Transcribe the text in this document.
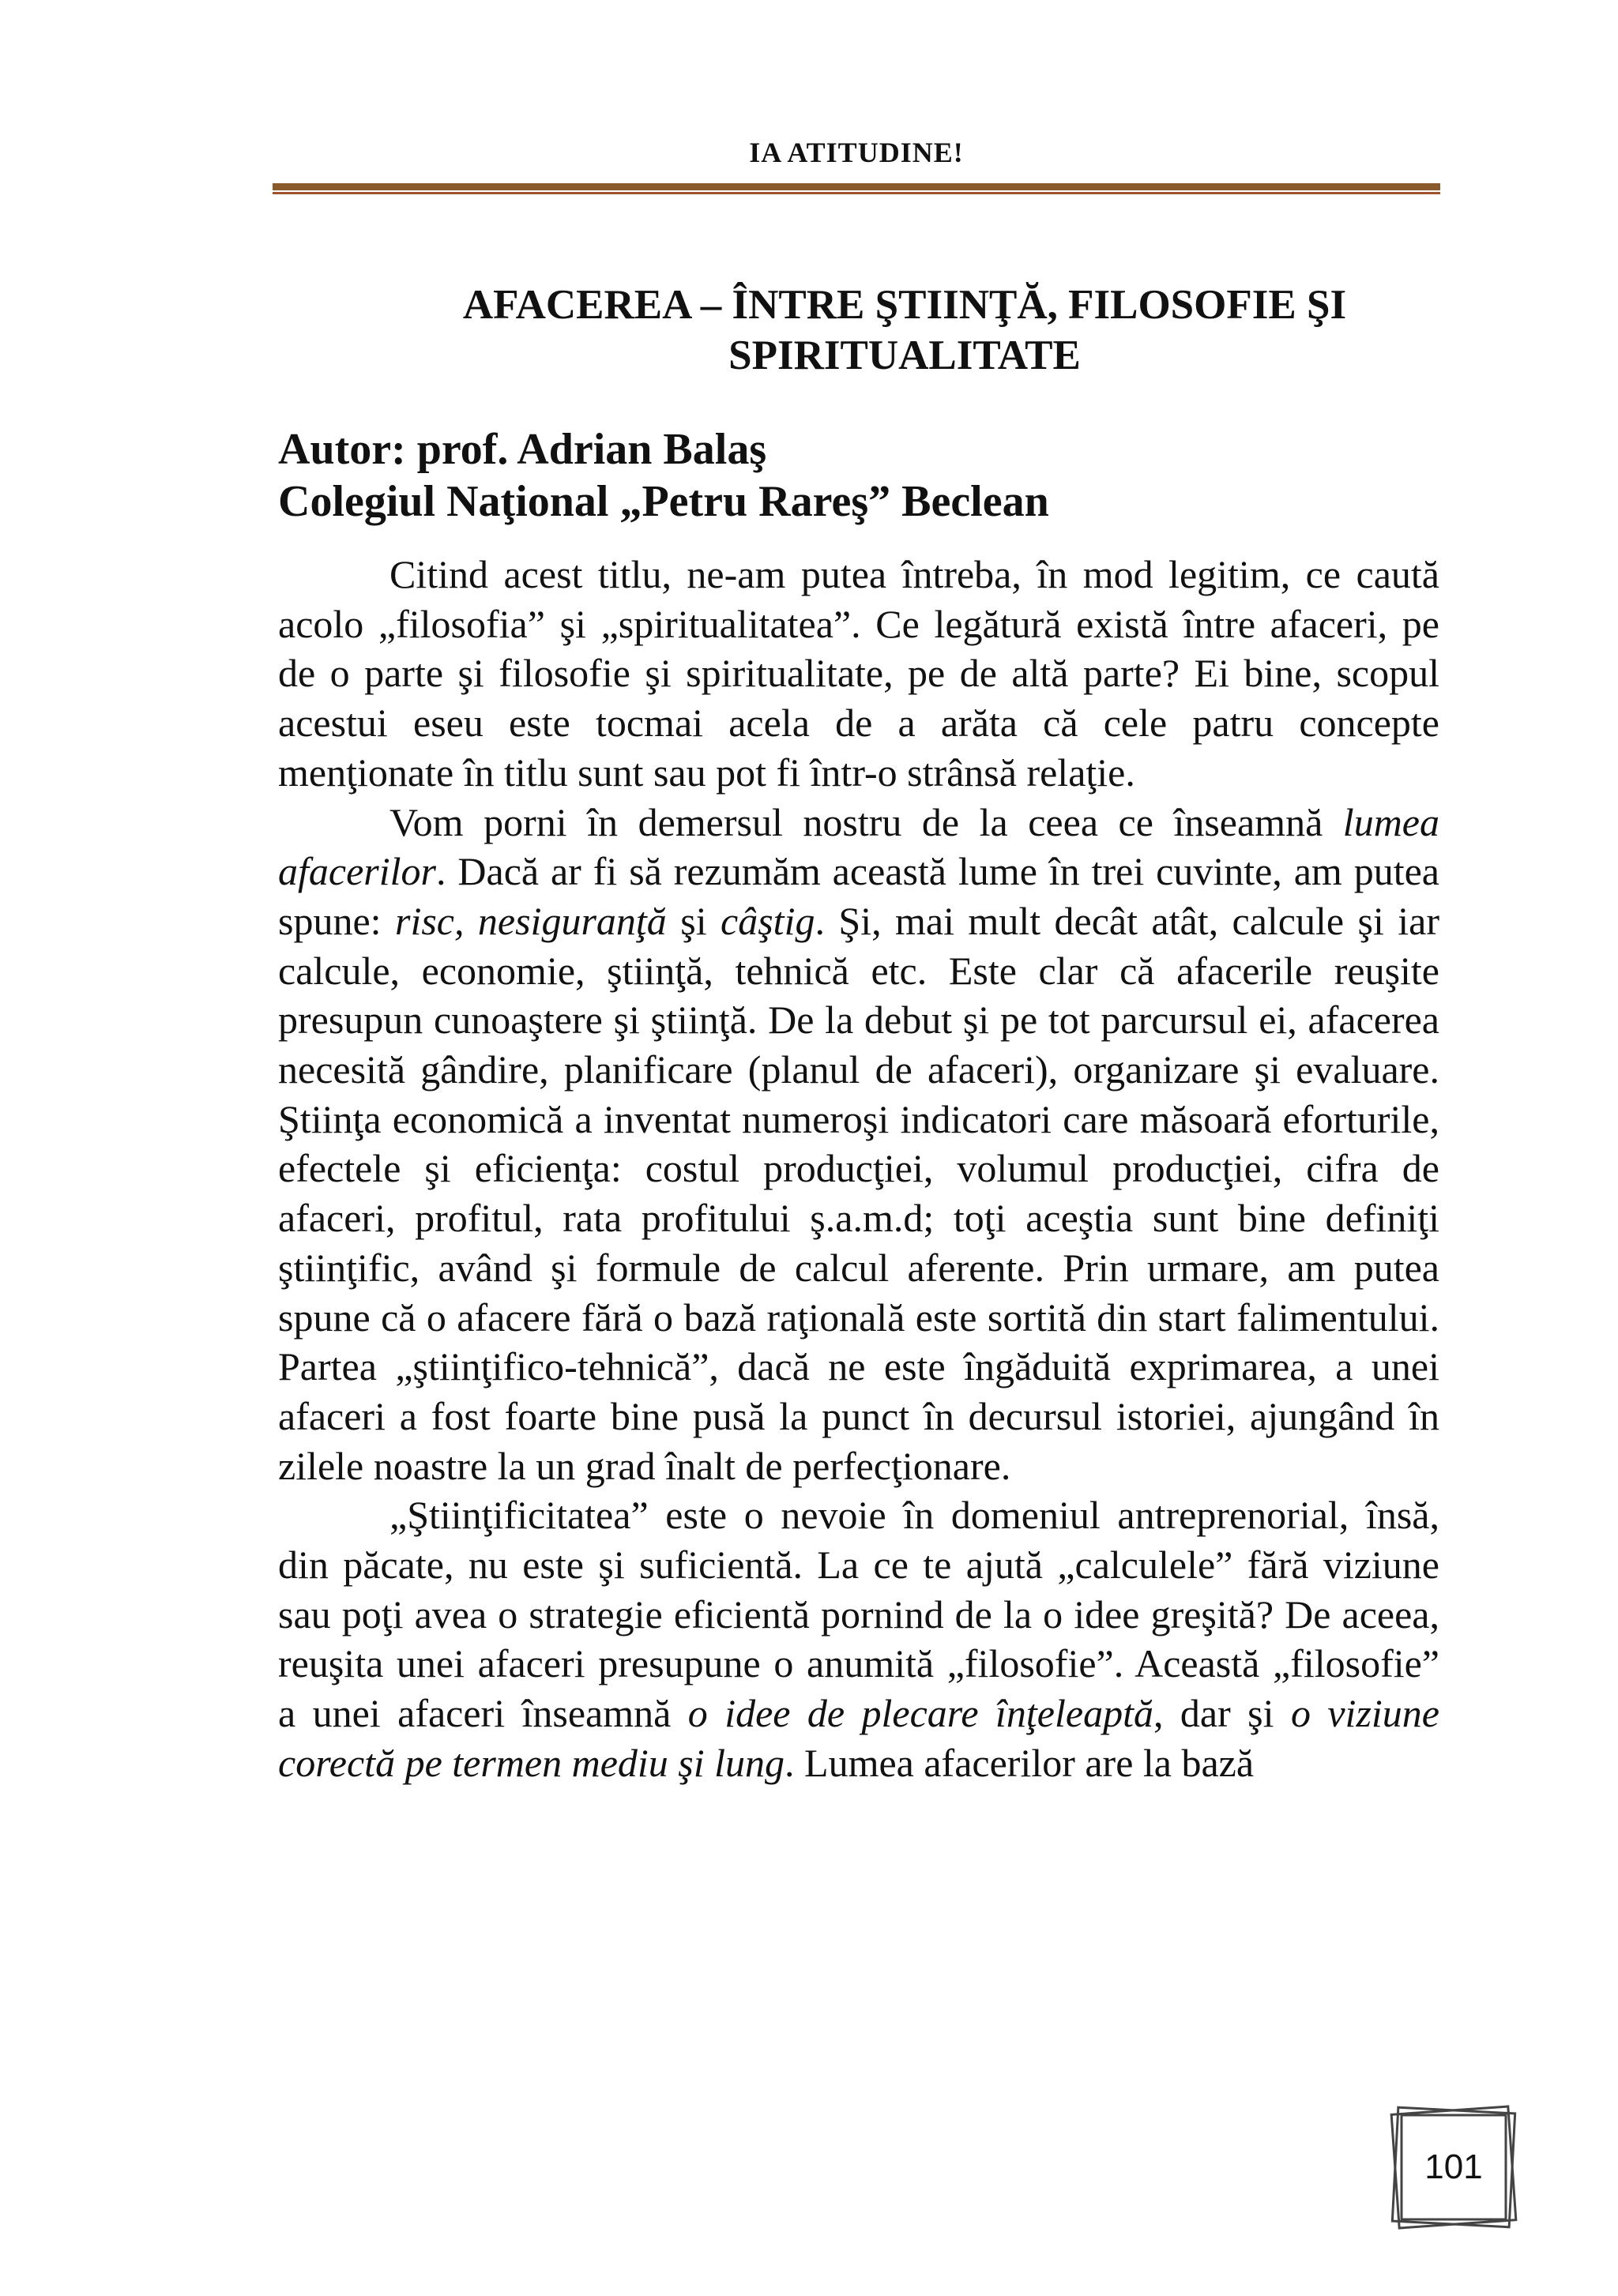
IA ATITUDINE!
AFACEREA – ÎNTRE ŞTIINŢĂ, FILOSOFIE ŞI
SPIRITUALITATE
Autor: prof. Adrian Balaş
Colegiul Naţional „Petru Rareş” Beclean

Citind acest titlu, ne-am putea întreba, în mod legitim, ce caută acolo „filosofia” şi „spiritualitatea”. Ce legătură există între afaceri, pe de o parte şi filosofie şi spiritualitate, pe de altă parte? Ei bine, scopul acestui eseu este tocmai acela de a arăta că cele patru concepte menţionate în titlu sunt sau pot fi într-o strânsă relaţie.

Vom porni în demersul nostru de la ceea ce înseamnă lumea afacerilor. Dacă ar fi să rezumăm această lume în trei cuvinte, am putea spune: risc, nesiguranţă şi câştig. Şi, mai mult decât atât, calcule şi iar calcule, economie, ştiinţă, tehnică etc. Este clar că afacerile reuşite presupun cunoaştere şi ştiinţă. De la debut şi pe tot parcursul ei, afacerea necesită gândire, planificare (planul de afaceri), organizare şi evaluare. Ştiinţa economică a inventat numeroşi indicatori care măsoară eforturile, efectele şi eficienţa: costul producţiei, volumul producţiei, cifra de afaceri, profitul, rata profitului ş.a.m.d; toţi aceştia sunt bine definiţi ştiinţific, având şi formule de calcul aferente. Prin urmare, am putea spune că o afacere fără o bază raţională este sortită din start falimentului. Partea „ştiinţifico-tehnică”, dacă ne este îngăduită exprimarea, a unei afaceri a fost foarte bine pusă la punct în decursul istoriei, ajungând în zilele noastre la un grad înalt de perfecţionare.

„Ştiinţificitatea” este o nevoie în domeniul antreprenorial, însă, din păcate, nu este şi suficientă. La ce te ajută „calculele” fără viziune sau poţi avea o strategie eficientă pornind de la o idee greşită? De aceea, reuşita unei afaceri presupune o anumită „filosofie”. Această „filosofie” a unei afaceri înseamnă o idee de plecare înţeleaptă, dar şi o viziune corectă pe termen mediu şi lung. Lumea afacerilor are la bază

101
